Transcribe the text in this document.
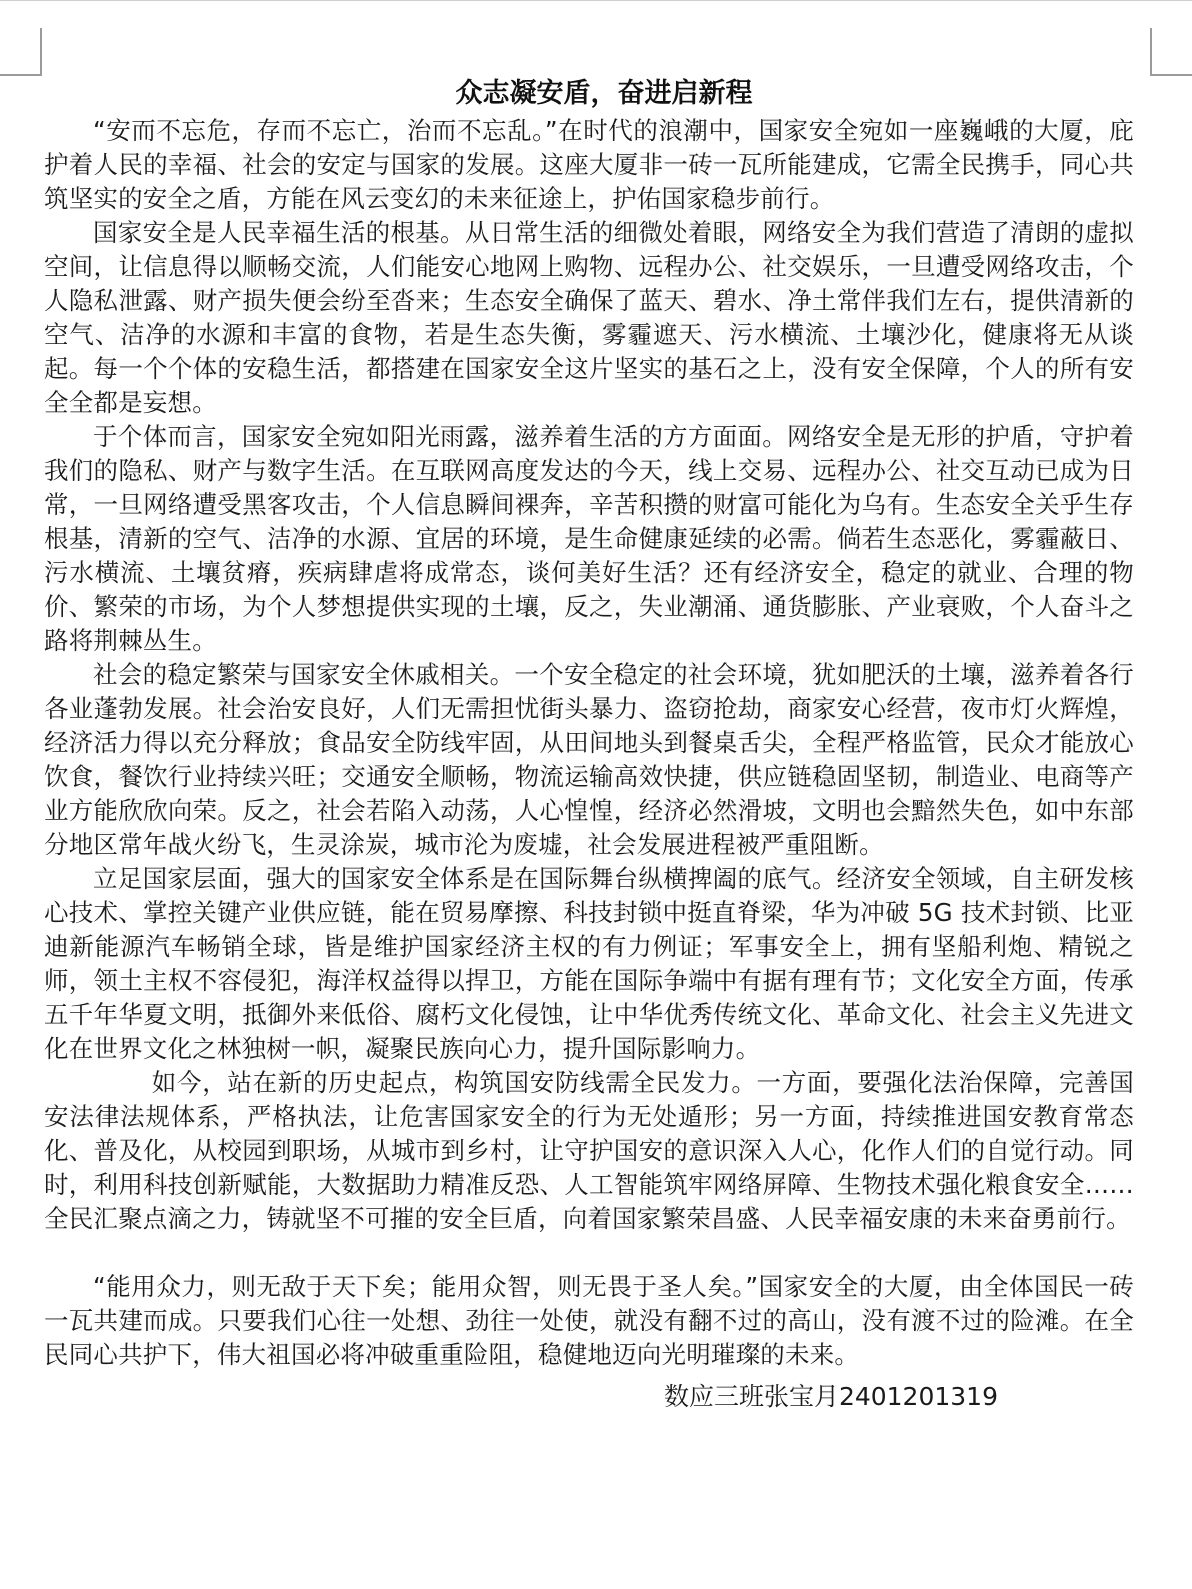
众志凝安盾，奋进启新程

“安而不忘危，存而不忘亡，治而不忘乱。”在时代的浪潮中，国家安全宛如一座巍峨的大厦，庇护着人民的幸福、社会的安定与国家的发展。这座大厦非一砖一瓦所能建成，它需全民携手，同心共筑坚实的安全之盾，方能在风云变幻的未来征途上，护佑国家稳步前行。

国家安全是人民幸福生活的根基。从日常生活的细微处着眼，网络安全为我们营造了清朗的虚拟空间，让信息得以顺畅交流，人们能安心地网上购物、远程办公、社交娱乐，一旦遭受网络攻击，个人隐私泄露、财产损失便会纷至沓来；生态安全确保了蓝天、碧水、净土常伴我们左右，提供清新的空气、洁净的水源和丰富的食物，若是生态失衡，雾霾遮天、污水横流、土壤沙化，健康将无从谈起。每一个个体的安稳生活，都搭建在国家安全这片坚实的基石之上，没有安全保障，个人的所有安全全都是妄想。

于个体而言，国家安全宛如阳光雨露，滋养着生活的方方面面。网络安全是无形的护盾，守护着我们的隐私、财产与数字生活。在互联网高度发达的今天，线上交易、远程办公、社交互动已成为日常，一旦网络遭受黑客攻击，个人信息瞬间裸奔，辛苦积攒的财富可能化为乌有。生态安全关乎生存根基，清新的空气、洁净的水源、宜居的环境，是生命健康延续的必需。倘若生态恶化，雾霾蔽日、污水横流、土壤贫瘠，疾病肆虐将成常态，谈何美好生活？还有经济安全，稳定的就业、合理的物价、繁荣的市场，为个人梦想提供实现的土壤，反之，失业潮涌、通货膨胀、产业衰败，个人奋斗之路将荆棘丛生。

社会的稳定繁荣与国家安全休戚相关。一个安全稳定的社会环境，犹如肥沃的土壤，滋养着各行各业蓬勃发展。社会治安良好，人们无需担忧街头暴力、盗窃抢劫，商家安心经营，夜市灯火辉煌，经济活力得以充分释放；食品安全防线牢固，从田间地头到餐桌舌尖，全程严格监管，民众才能放心饮食，餐饮行业持续兴旺；交通安全顺畅，物流运输高效快捷，供应链稳固坚韧，制造业、电商等产业方能欣欣向荣。反之，社会若陷入动荡，人心惶惶，经济必然滑坡，文明也会黯然失色，如中东部分地区常年战火纷飞，生灵涂炭，城市沦为废墟，社会发展进程被严重阻断。

立足国家层面，强大的国家安全体系是在国际舞台纵横捭阖的底气。经济安全领域，自主研发核心技术、掌控关键产业供应链，能在贸易摩擦、科技封锁中挺直脊梁，华为冲破 5G 技术封锁、比亚迪新能源汽车畅销全球，皆是维护国家经济主权的有力例证；军事安全上，拥有坚船利炮、精锐之师，领土主权不容侵犯，海洋权益得以捍卫，方能在国际争端中有据有理有节；文化安全方面，传承五千年华夏文明，抵御外来低俗、腐朽文化侵蚀，让中华优秀传统文化、革命文化、社会主义先进文化在世界文化之林独树一帜，凝聚民族向心力，提升国际影响力。

如今，站在新的历史起点，构筑国安防线需全民发力。一方面，要强化法治保障，完善国安法律法规体系，严格执法，让危害国家安全的行为无处遁形；另一方面，持续推进国安教育常态化、普及化，从校园到职场，从城市到乡村，让守护国安的意识深入人心，化作人们的自觉行动。同时，利用科技创新赋能，大数据助力精准反恐、人工智能筑牢网络屏障、生物技术强化粮食安全……全民汇聚点滴之力，铸就坚不可摧的安全巨盾，向着国家繁荣昌盛、人民幸福安康的未来奋勇前行。

“能用众力，则无敌于天下矣；能用众智，则无畏于圣人矣。”国家安全的大厦，由全体国民一砖一瓦共建而成。只要我们心往一处想、劲往一处使，就没有翻不过的高山，没有渡不过的险滩。在全民同心共护下，伟大祖国必将冲破重重险阻，稳健地迈向光明璀璨的未来。

数应三班张宝月2401201319
